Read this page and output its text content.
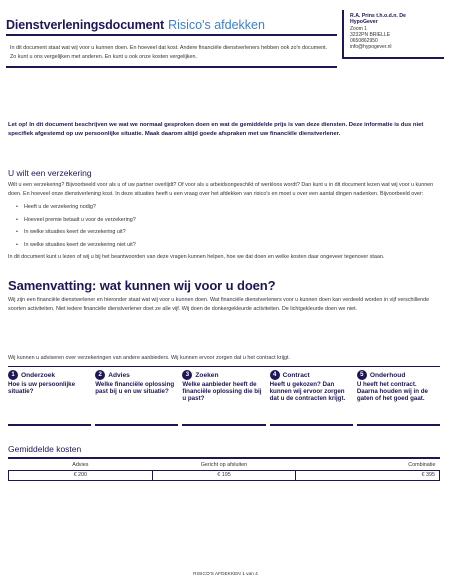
Dienstverleningsdocument Risico's afdekken
In dit document staat wat wij voor u kunnen doen. En hoeveel dat kost. Andere financiële dienstverleners hebben ook zo'n document. Zo kunt u ons vergelijken met anderen. En kunt u ook onze kosten vergelijken.
R.A. Prins t.h.o.d.n. De
HypoGever
Zoom 1
3232PN BRIELLE
0650862950
info@hypogever.nl
Let op! In dit document beschrijven we wat we normaal gesproken doen en wat de gemiddelde prijs is van deze diensten. Deze informatie is dus niet specifiek afgestemd op uw persoonlijke situatie. Maak daarom altijd goede afspraken met uw financiële dienstverlener.
U wilt een verzekering
Wilt u een verzekering? Bijvoorbeeld voor als u of uw partner overlijdt? Of voor als u arbeidsongeschikt of werkloos wordt? Dan kunt u in dit document lezen wat wij voor u kunnen doen. En hoeveel onze dienstverlening kost. In deze situaties heeft u een vraag over het afdekken van risico's en moet u over een aantal dingen nadenken. Bijvoorbeeld over:
• Heeft u de verzekering nodig?
• Hoeveel premie betaalt u voor de verzekering?
• In welke situaties keert de verzekering uit?
• In welke situaties keert de verzekering niet uit?
In dit document kunt u lezen of wij u bij het beantwoorden van deze vragen kunnen helpen, hoe we dat doen en welke kosten daar ongeveer tegenover staan.
Samenvatting: wat kunnen wij voor u doen?
Wij zijn een financiële dienstverlener en hieronder staat wat wij voor u kunnen doen. Wat financiële dienstverleners voor u kunnen doen kan verdeeld worden in vijf verschillende soorten activiteiten. Niet iedere financiële dienstverlener doet ze alle vijf. Wij doen de donkergekleurde activiteiten. De lichtgekleurde doen we niet.
Wij kunnen u adviseren over verzekeringen van andere aanbieders. Wij kunnen ervoor zorgen dat u het contract krijgt.
1 Onderzoek
Hoe is uw persoonlijke situatie?
2 Advies
Welke financiële oplossing past bij u en uw situatie?
3 Zoeken
Welke aanbieder heeft de financiële oplossing die bij u past?
4 Contract
Heeft u gekozen? Dan kunnen wij ervoor zorgen dat u de contracten krijgt.
5 Onderhoud
U heeft het contract. Daarna houden wij in de gaten of het goed gaat.
Gemiddelde kosten
Advies	Gericht op afsluiten	Combinatie
€ 200	€ 195	€ 395
RISICO'S AFDEKKEN 1 van 4
